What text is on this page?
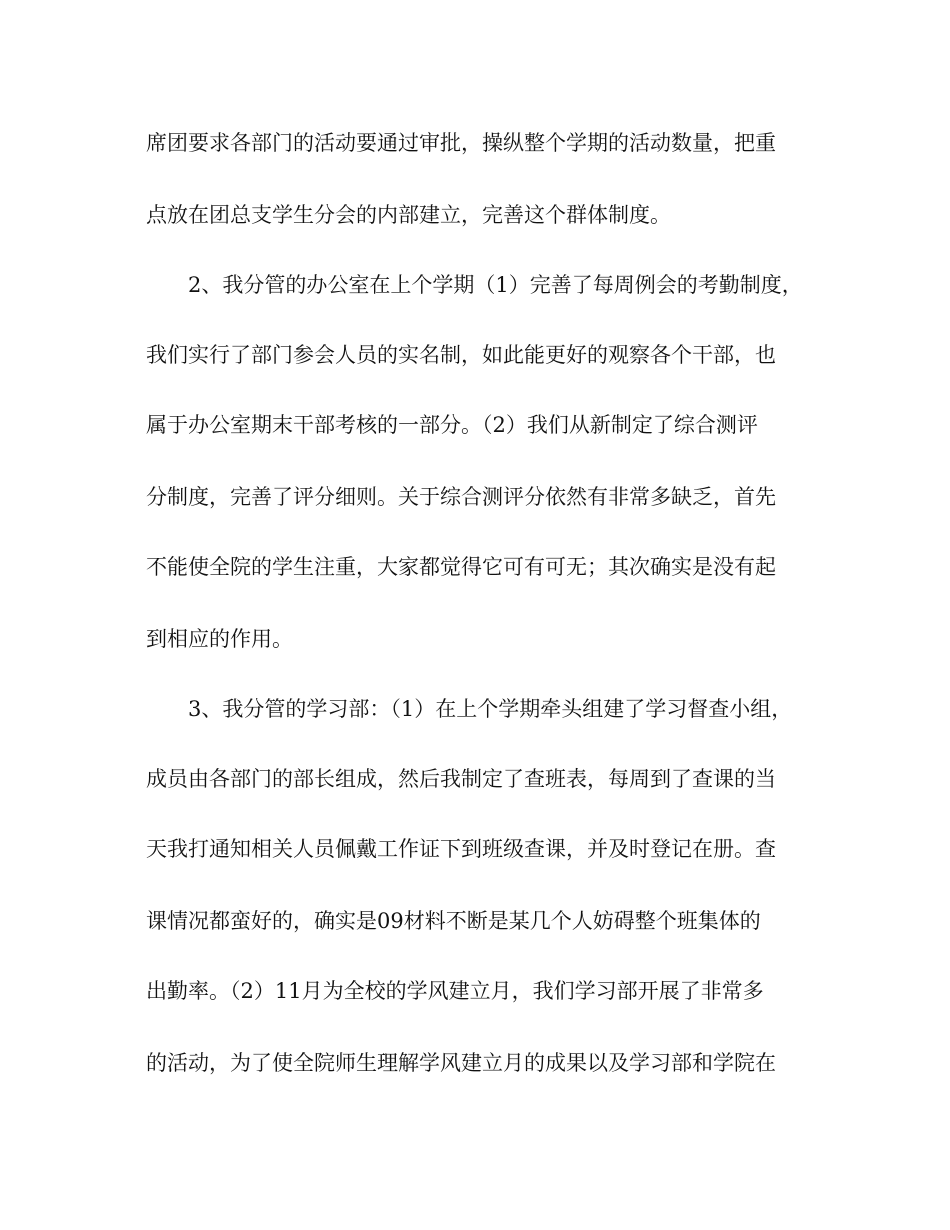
席团要求各部门的活动要通过审批，操纵整个学期的活动数量，把重
点放在团总支学生分会的内部建立，完善这个群体制度。
2、我分管的办公室在上个学期（1）完善了每周例会的考勤制度，
我们实行了部门参会人员的实名制，如此能更好的观察各个干部，也
属于办公室期末干部考核的一部分。（2）我们从新制定了综合测评
分制度，完善了评分细则。关于综合测评分依然有非常多缺乏，首先
不能使全院的学生注重，大家都觉得它可有可无；其次确实是没有起
到相应的作用。
3、我分管的学习部：（1）在上个学期牵头组建了学习督查小组，
成员由各部门的部长组成，然后我制定了查班表，每周到了查课的当
天我打通知相关人员佩戴工作证下到班级查课，并及时登记在册。查
课情况都蛮好的，确实是09材料不断是某几个人妨碍整个班集体的
出勤率。（2）11月为全校的学风建立月，我们学习部开展了非常多
的活动，为了使全院师生理解学风建立月的成果以及学习部和学院在
